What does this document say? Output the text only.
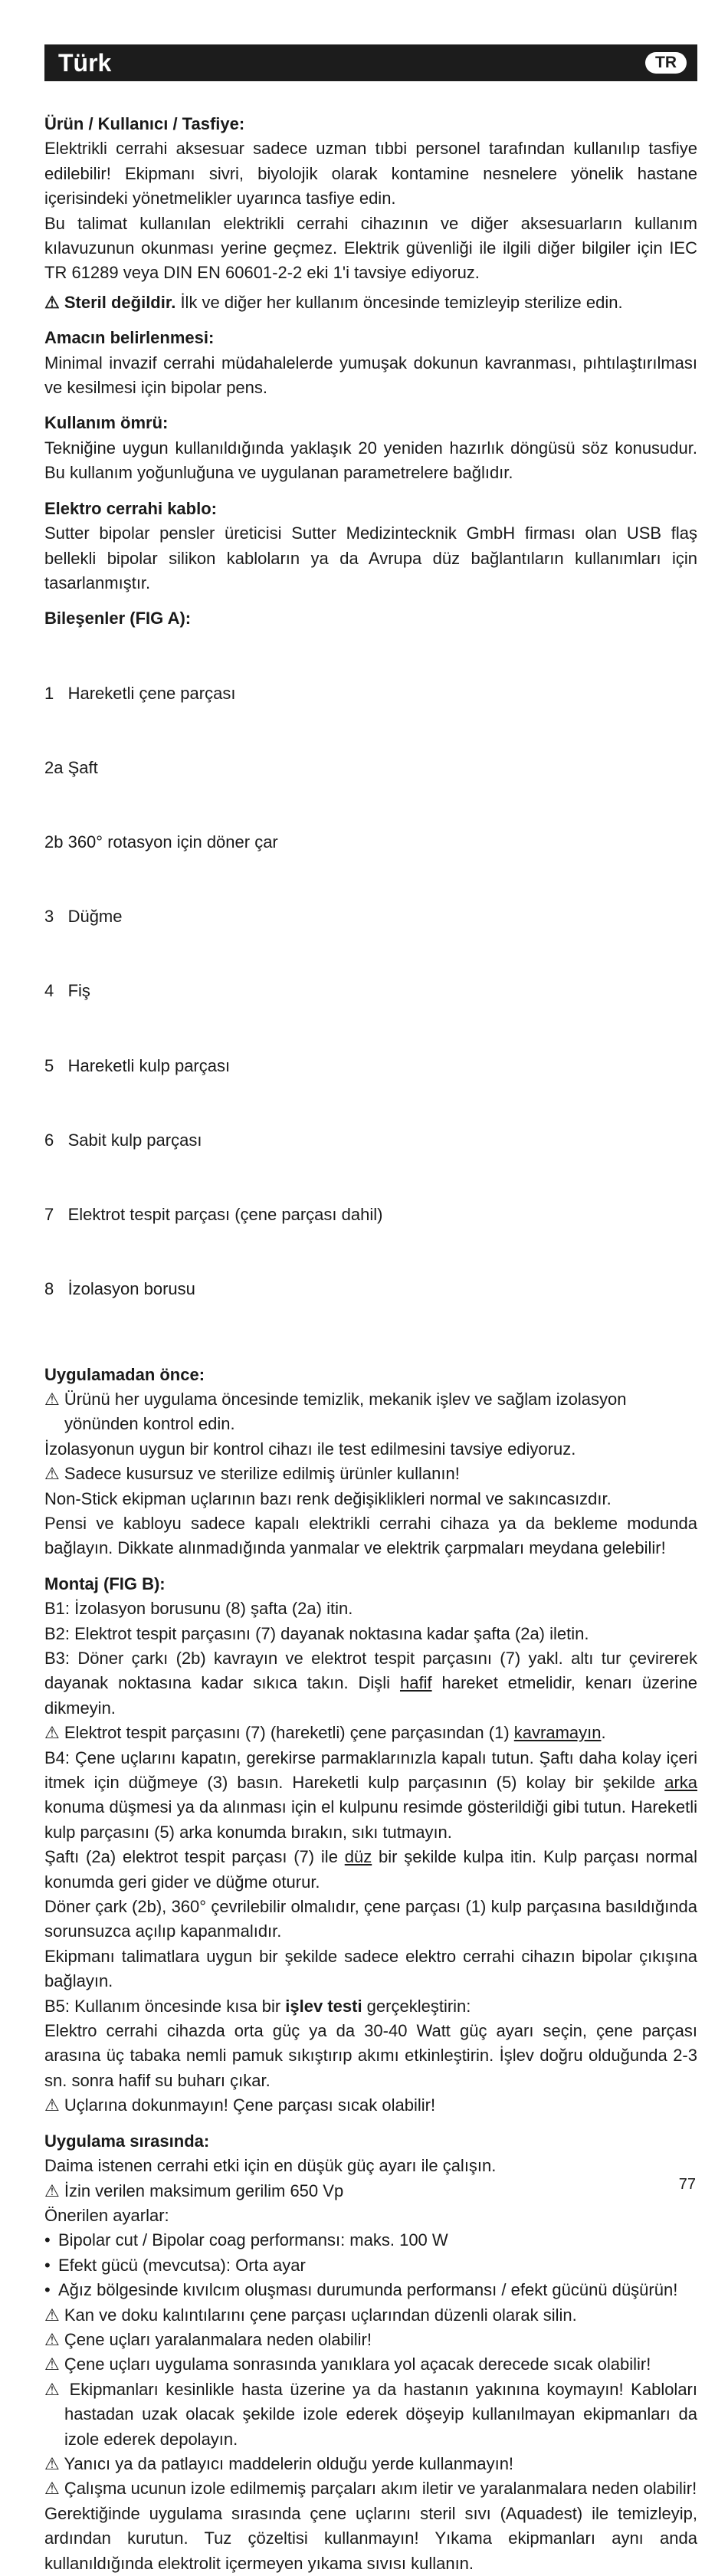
Türk	TR
Ürün / Kullanıcı / Tasfiye:

Elektrikli cerrahi aksesuar sadece uzman tıbbi personel tarafından kullanılıp tasfiye edilebilir! Ekipmanı sivri, biyolojik olarak kontamine nesnelere yönelik hastane içerisindeki yönetmelikler uyarınca tasfiye edin.

Bu talimat kullanılan elektrikli cerrahi cihazının ve diğer aksesuarların kullanım kılavuzunun okunması yerine geçmez. Elektrik güvenliği ile ilgili diğer bilgiler için IEC TR 61289 veya DIN EN 60601-2-2 eki 1'i tavsiye ediyoruz.

⚠ Steril değildir. İlk ve diğer her kullanım öncesinde temizleyip sterilize edin.

Amacın belirlenmesi:

Minimal invazif cerrahi müdahalelerde yumuşak dokunun kavranması, pıhtılaştırılması ve kesilmesi için bipolar pens.

Kullanım ömrü:

Tekniğine uygun kullanıldığında yaklaşık 20 yeniden hazırlık döngüsü söz konusudur. Bu kullanım yoğunluğuna ve uygulanan parametrelere bağlıdır.

Elektro cerrahi kablo:

Sutter bipolar pensler üreticisi Sutter Medizintecknik GmbH firması olan USB flaş bellekli bipolar silikon kabloların ya da Avrupa düz bağlantıların kullanımları için tasarlanmıştır.

Bileşenler (FIG A):

1   Hareketli çene parçası

2a Şaft

2b 360° rotasyon için döner çar

3   Düğme

4   Fiş

5   Hareketli kulp parçası

6   Sabit kulp parçası

7   Elektrot tespit parçası (çene parçası dahil)

8   İzolasyon borusu

Uygulamadan önce:

⚠ Ürünü her uygulama öncesinde temizlik, mekanik işlev ve sağlam izolasyon yönünden kontrol edin.

İzolasyonun uygun bir kontrol cihazı ile test edilmesini tavsiye ediyoruz.

⚠ Sadece kusursuz ve sterilize edilmiş ürünler kullanın!

Non-Stick ekipman uçlarının bazı renk değişiklikleri normal ve sakıncasızdır.

Pensi ve kabloyu sadece kapalı elektrikli cerrahi cihaza ya da bekleme modunda bağlayın. Dikkate alınmadığında yanmalar ve elektrik çarpmaları meydana gelebilir!

Montaj (FIG B):

B1: İzolasyon borusunu (8) şafta (2a) itin.

B2: Elektrot tespit parçasını (7) dayanak noktasına kadar şafta (2a) iletin.

B3: Döner çarkı (2b) kavrayın ve elektrot tespit parçasını (7) yakl. altı tur çevirerek dayanak noktasına kadar sıkıca takın. Dişli hafif hareket etmelidir, kenarı üzerine dikmeyin.

⚠ Elektrot tespit parçasını (7) (hareketli) çene parçasından (1) kavramayın.

B4: Çene uçlarını kapatın, gerekirse parmaklarınızla kapalı tutun. Şaftı daha kolay içeri itmek için düğmeye (3) basın. Hareketli kulp parçasının (5) kolay bir şekilde arka konuma düşmesi ya da alınması için el kulpunu resimde gösterildiği gibi tutun. Hareketli kulp parçasını (5) arka konumda bırakın, sıkı tutmayın.

Şaftı (2a) elektrot tespit parçası (7) ile düz bir şekilde kulpa itin. Kulp parçası normal konumda geri gider ve düğme oturur.

Döner çark (2b), 360° çevrilebilir olmalıdır, çene parçası (1) kulp parçasına basıldığında sorunsuzca açılıp kapanmalıdır.

Ekipmanı talimatlara uygun bir şekilde sadece elektro cerrahi cihazın bipolar çıkışına bağlayın.

B5: Kullanım öncesinde kısa bir işlev testi gerçekleştirin:

Elektro cerrahi cihazda orta güç ya da 30-40 Watt güç ayarı seçin, çene parçası arasına üç tabaka nemli pamuk sıkıştırıp akımı etkinleştirin. İşlev doğru olduğunda 2-3 sn. sonra hafif su buharı çıkar.

⚠ Uçlarına dokunmayın! Çene parçası sıcak olabilir!

Uygulama sırasında:

Daima istenen cerrahi etki için en düşük güç ayarı ile çalışın.

⚠ İzin verilen maksimum gerilim 650 Vp

Önerilen ayarlar:

• Bipolar cut / Bipolar coag performansı: maks. 100 W
• Efekt gücü (mevcutsa): Orta ayar
• Ağız bölgesinde kıvılcım oluşması durumunda performansı / efekt gücünü düşürün!

⚠ Kan ve doku kalıntılarını çene parçası uçlarından düzenli olarak silin.

⚠ Çene uçları yaralanmalara neden olabilir!

⚠ Çene uçları uygulama sonrasında yanıklara yol açacak derecede sıcak olabilir!

⚠ Ekipmanları kesinlikle hasta üzerine ya da hastanın yakınına koymayın! Kabloları hastadan uzak olacak şekilde izole ederek döşeyip kullanılmayan ekipmanları da izole ederek depolayın.

⚠ Yanıcı ya da patlayıcı maddelerin olduğu yerde kullanmayın!

⚠ Çalışma ucunun izole edilmemiş parçaları akım iletir ve yaralanmalara neden olabilir!

Gerektiğinde uygulama sırasında çene uçlarını steril sıvı (Aquadest) ile temizleyip, ardından kurutun. Tuz çözeltisi kullanmayın! Yıkama ekipmanları aynı anda kullanıldığında elektrolit içermeyen yıkama sıvısı kullanın.

77
